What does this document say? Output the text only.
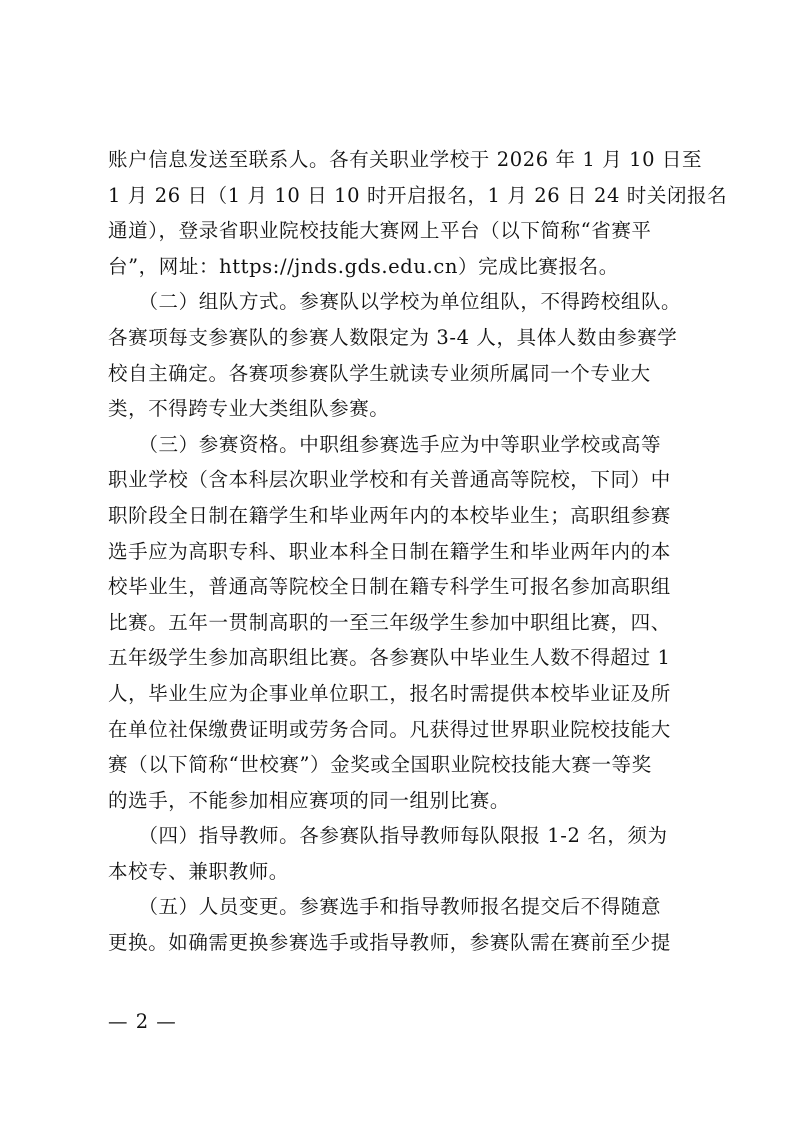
账户信息发送至联系人。各有关职业学校于 2026 年 1 月 10 日至
1 月 26 日（1 月 10 日 10 时开启报名，1 月 26 日 24 时关闭报名
通道），登录省职业院校技能大赛网上平台（以下简称“省赛平
台”，网址：https://jnds.gds.edu.cn）完成比赛报名。

　　（二）组队方式。参赛队以学校为单位组队，不得跨校组队。
各赛项每支参赛队的参赛人数限定为 3-4 人，具体人数由参赛学
校自主确定。各赛项参赛队学生就读专业须所属同一个专业大
类，不得跨专业大类组队参赛。

　　（三）参赛资格。中职组参赛选手应为中等职业学校或高等
职业学校（含本科层次职业学校和有关普通高等院校，下同）中
职阶段全日制在籍学生和毕业两年内的本校毕业生；高职组参赛
选手应为高职专科、职业本科全日制在籍学生和毕业两年内的本
校毕业生，普通高等院校全日制在籍专科学生可报名参加高职组
比赛。五年一贯制高职的一至三年级学生参加中职组比赛，四、
五年级学生参加高职组比赛。各参赛队中毕业生人数不得超过 1
人，毕业生应为企事业单位职工，报名时需提供本校毕业证及所
在单位社保缴费证明或劳务合同。凡获得过世界职业院校技能大
赛（以下简称“世校赛”）金奖或全国职业院校技能大赛一等奖
的选手，不能参加相应赛项的同一组别比赛。

　　（四）指导教师。各参赛队指导教师每队限报 1-2 名，须为
本校专、兼职教师。

　　（五）人员变更。参赛选手和指导教师报名提交后不得随意
更换。如确需更换参赛选手或指导教师，参赛队需在赛前至少提

— 2 —
